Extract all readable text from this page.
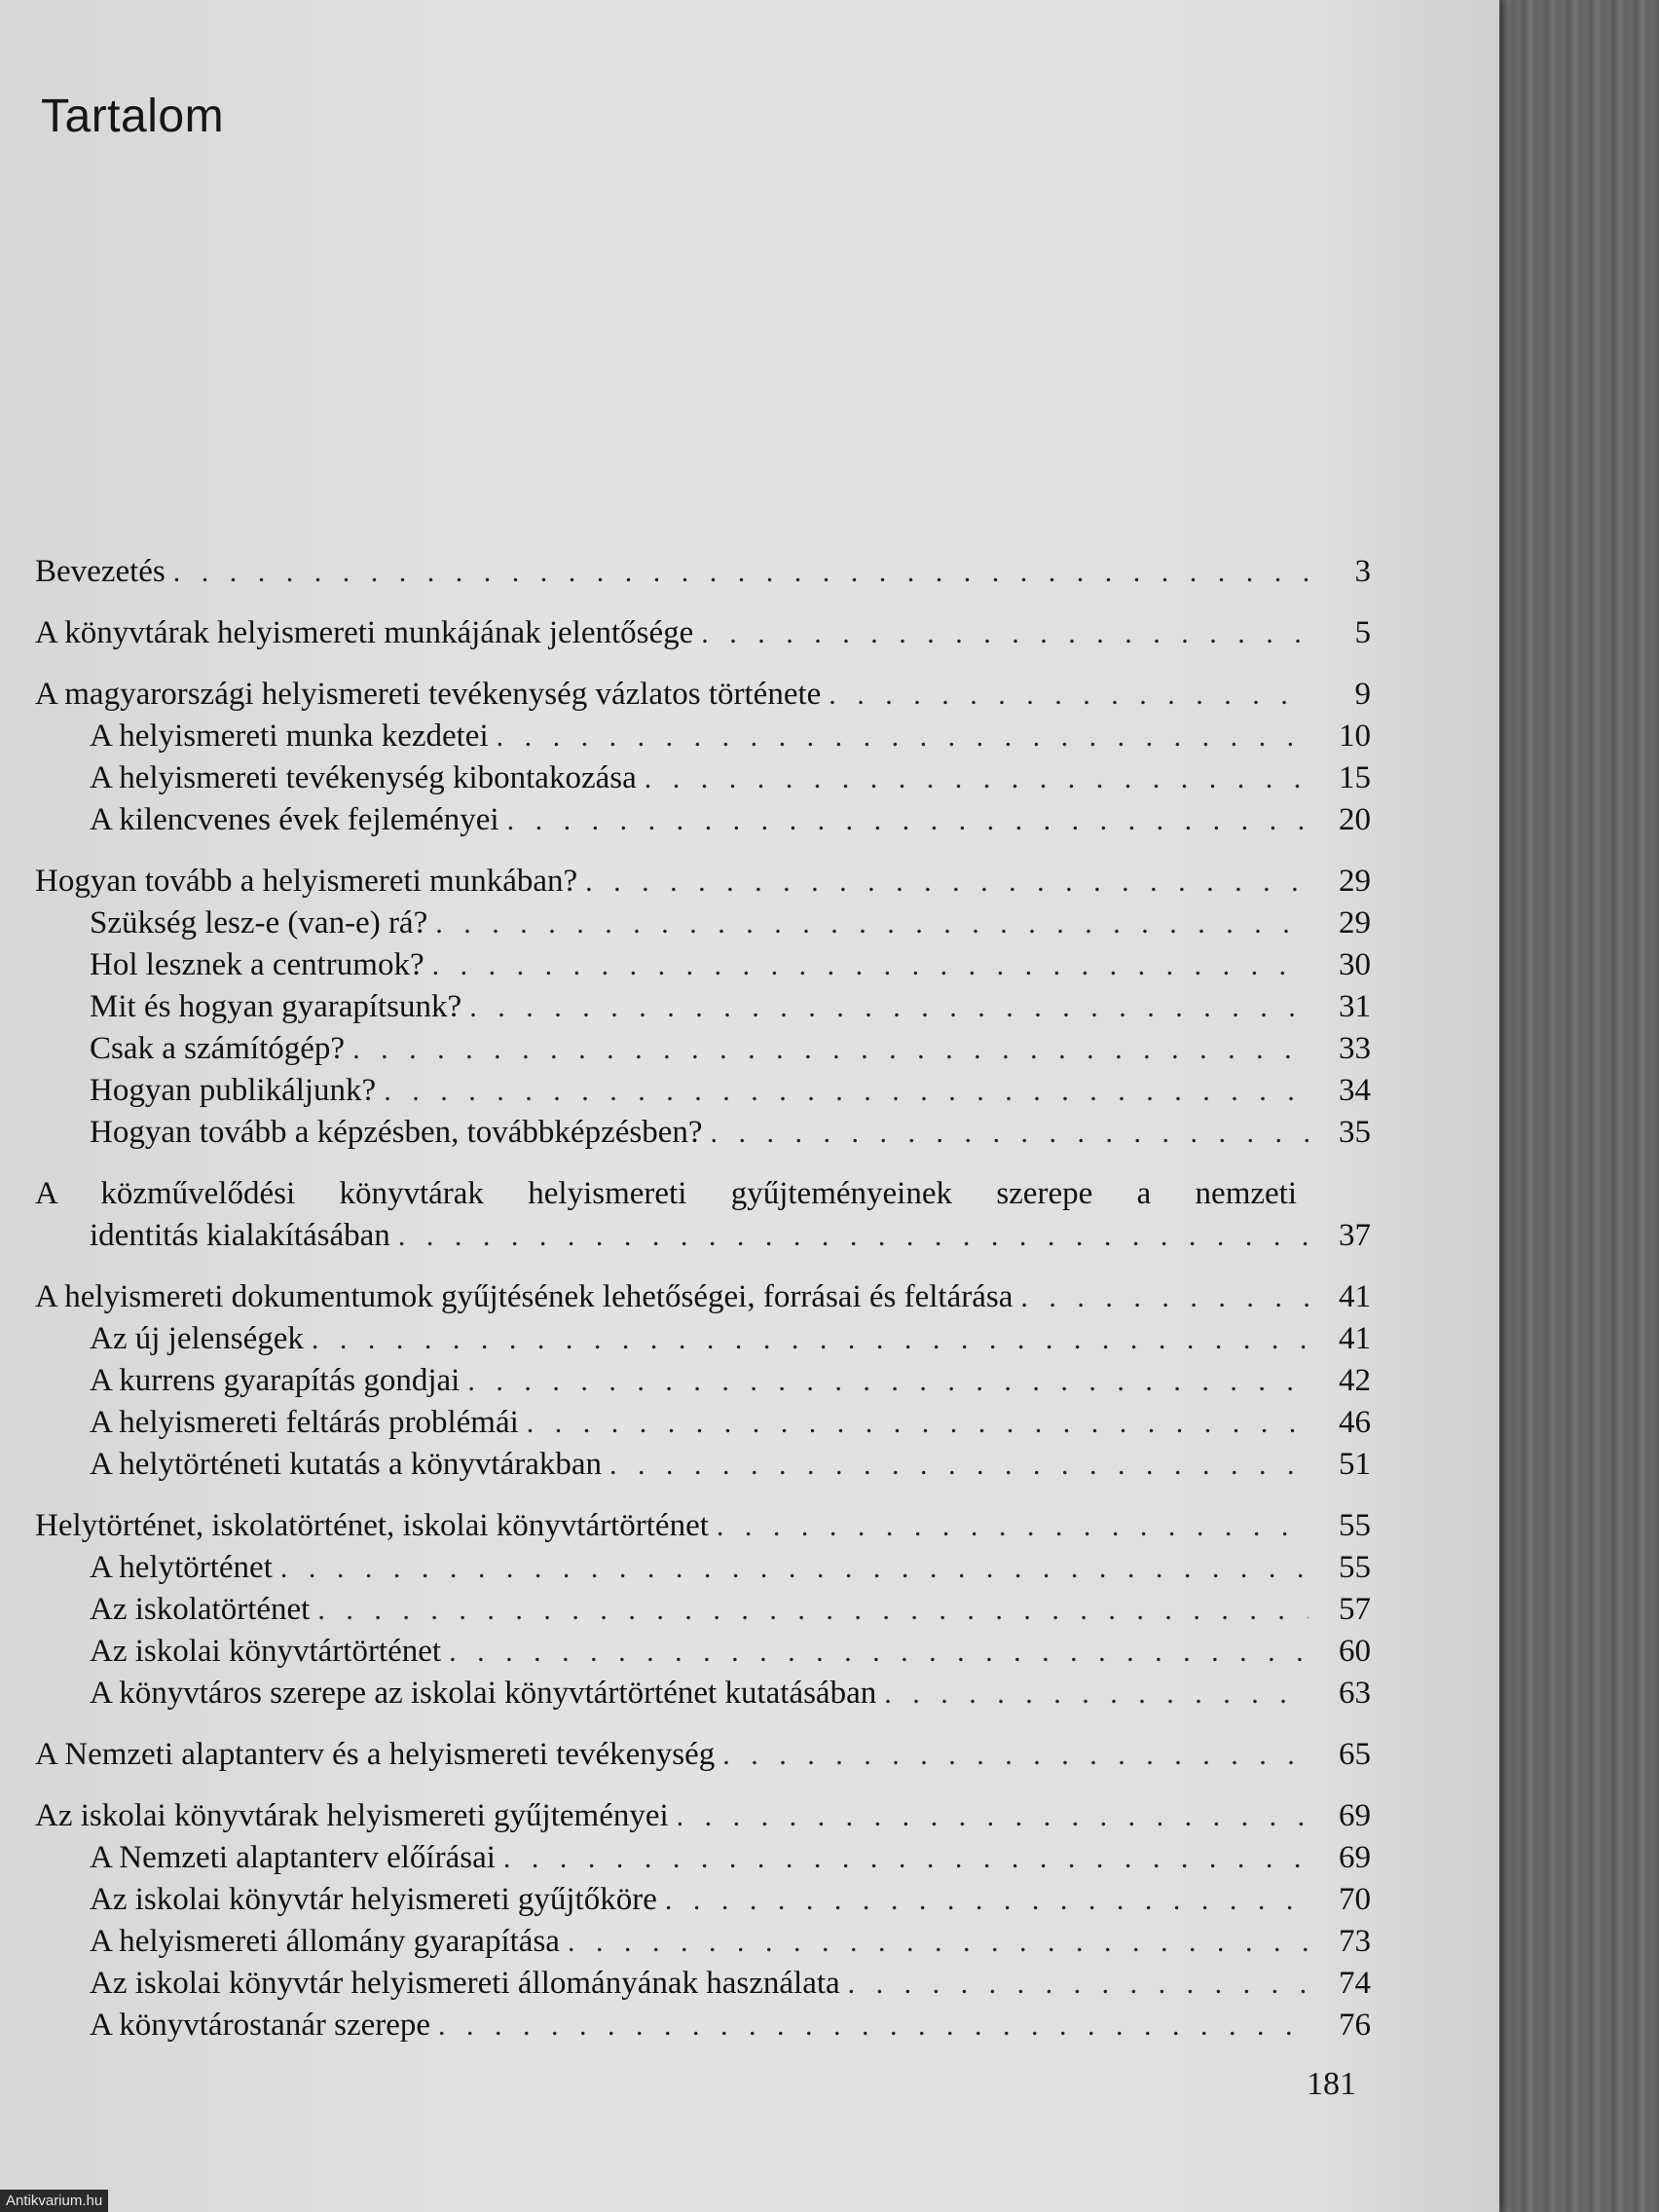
Tartalom
Bevezetés . . .	3
A könyvtárak helyismereti munkájának jelentősége . . .	5
A magyarországi helyismereti tevékenység vázlatos története . . .	9
A helyismereti munka kezdetei . . .	10
A helyismereti tevékenység kibontakozása . . .	15
A kilencvenes évek fejleményei . . .	20
Hogyan tovább a helyismereti munkában? . . .	29
Szükség lesz-e (van-e) rá? . . .	29
Hol lesznek a centrumok? . . .	30
Mit és hogyan gyarapítsunk? . . .	31
Csak a számítógép? . . .	33
Hogyan publikáljunk? . . .	34
Hogyan tovább a képzésben, továbbképzésben? . . .	35
A közművelődési könyvtárak helyismereti gyűjteményeinek szerepe a nemzeti
identitás kialakításában . . .	37
A helyismereti dokumentumok gyűjtésének lehetőségei, forrásai és feltárása . . .	41
Az új jelenségek . . .	41
A kurrens gyarapítás gondjai . . .	42
A helyismereti feltárás problémái . . .	46
A helytörténeti kutatás a könyvtárakban . . .	51
Helytörténet, iskolatörténet, iskolai könyvtártörténet . . .	55
A helytörténet . . .	55
Az iskolatörténet . . .	57
Az iskolai könyvtártörténet . . .	60
A könyvtáros szerepe az iskolai könyvtártörténet kutatásában . . .	63
A Nemzeti alaptanterv és a helyismereti tevékenység . . .	65
Az iskolai könyvtárak helyismereti gyűjteményei . . .	69
A Nemzeti alaptanterv előírásai . . .	69
Az iskolai könyvtár helyismereti gyűjtőköre . . .	70
A helyismereti állomány gyarapítása . . .	73
Az iskolai könyvtár helyismereti állományának használata . . .	74
A könyvtárostanár szerepe . . .	76
181
Antikvarium.hu
